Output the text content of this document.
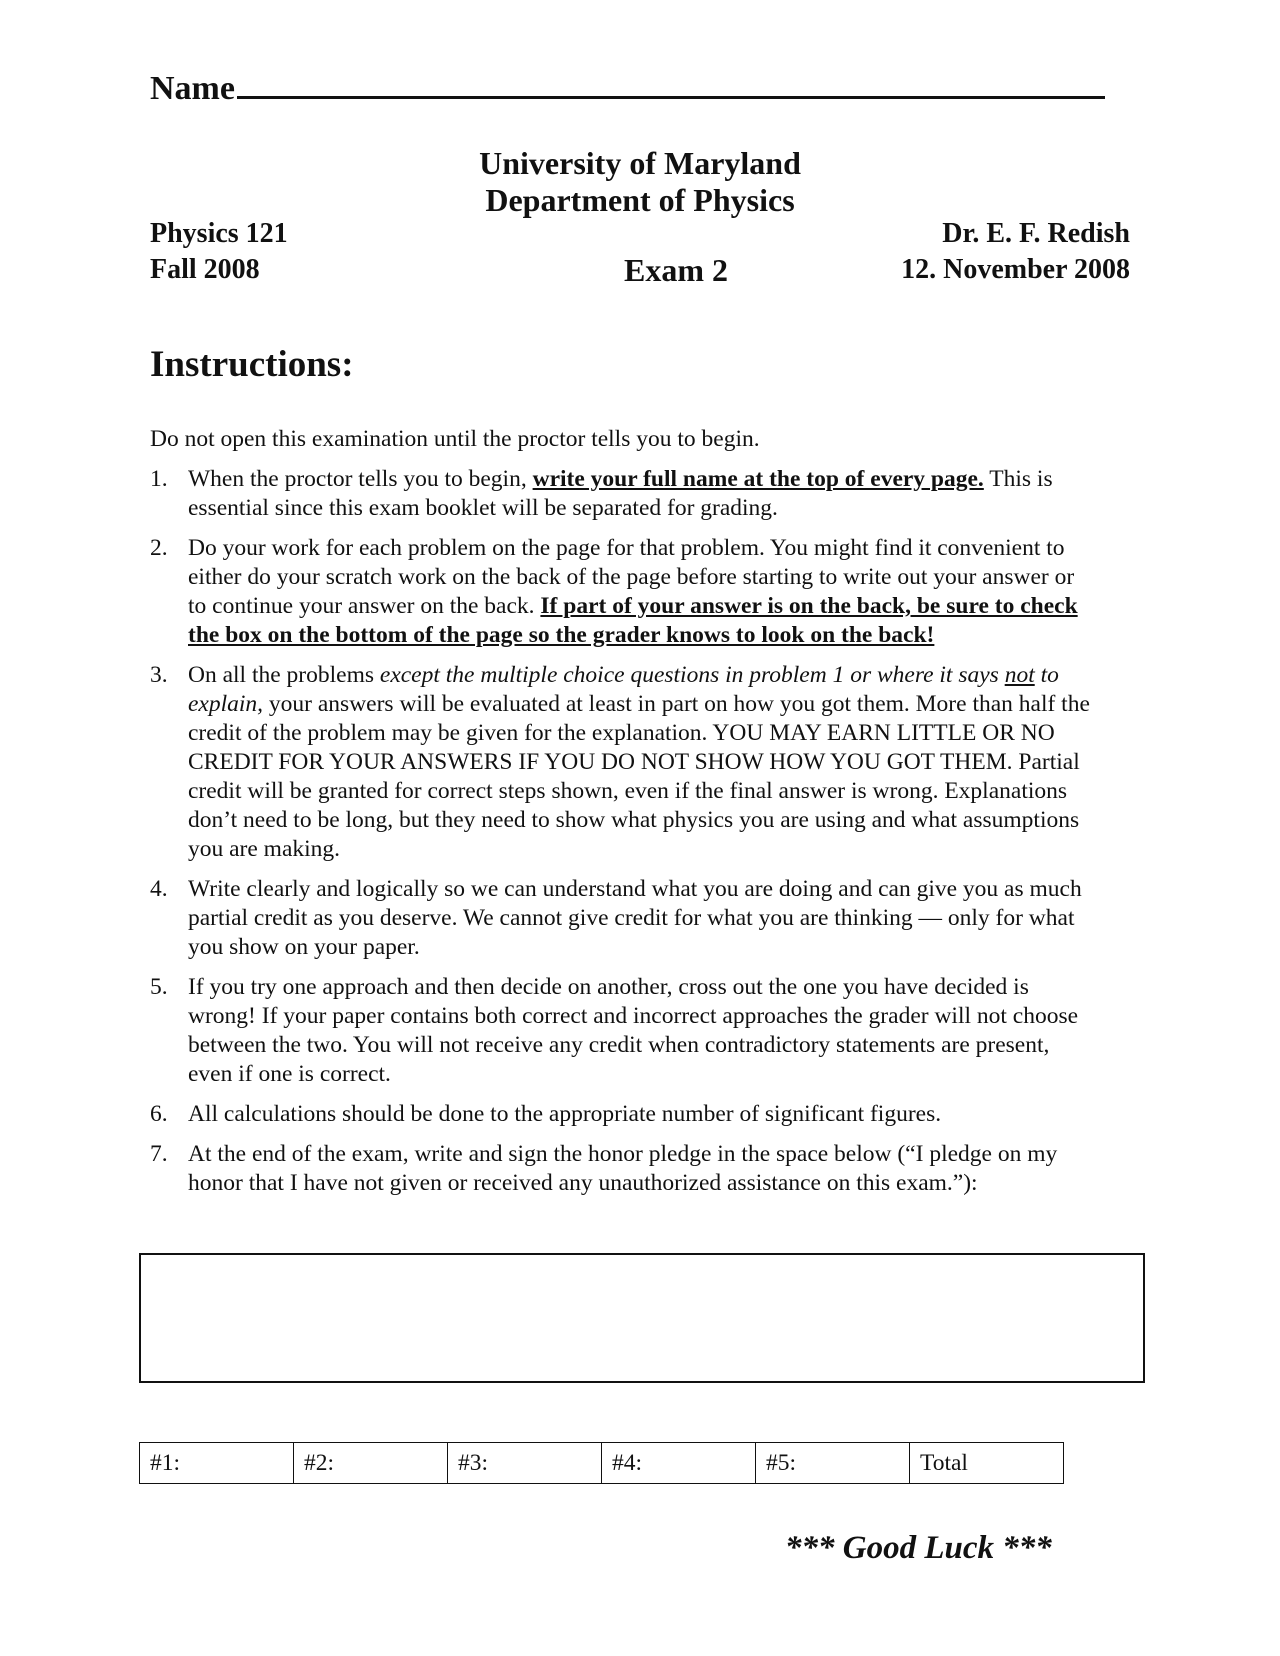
Name
University of Maryland
Department of Physics
Physics 121
Fall 2008	Exam 2
Dr. E. F. Redish
12. November 2008
Instructions:
Do not open this examination until the proctor tells you to begin.
1. When the proctor tells you to begin, write your full name at the top of every page. This is essential since this exam booklet will be separated for grading.
2. Do your work for each problem on the page for that problem. You might find it convenient to either do your scratch work on the back of the page before starting to write out your answer or to continue your answer on the back. If part of your answer is on the back, be sure to check the box on the bottom of the page so the grader knows to look on the back!
3. On all the problems except the multiple choice questions in problem 1 or where it says not to explain, your answers will be evaluated at least in part on how you got them. More than half the credit of the problem may be given for the explanation. YOU MAY EARN LITTLE OR NO CREDIT FOR YOUR ANSWERS IF YOU DO NOT SHOW HOW YOU GOT THEM. Partial credit will be granted for correct steps shown, even if the final answer is wrong. Explanations don’t need to be long, but they need to show what physics you are using and what assumptions you are making.
4. Write clearly and logically so we can understand what you are doing and can give you as much partial credit as you deserve. We cannot give credit for what you are thinking — only for what you show on your paper.
5. If you try one approach and then decide on another, cross out the one you have decided is wrong! If your paper contains both correct and incorrect approaches the grader will not choose between the two. You will not receive any credit when contradictory statements are present, even if one is correct.
6. All calculations should be done to the appropriate number of significant figures.
7. At the end of the exam, write and sign the honor pledge in the space below (“I pledge on my honor that I have not given or received any unauthorized assistance on this exam.”):
#1:	#2:	#3:	#4:	#5:	Total
*** Good Luck ***
